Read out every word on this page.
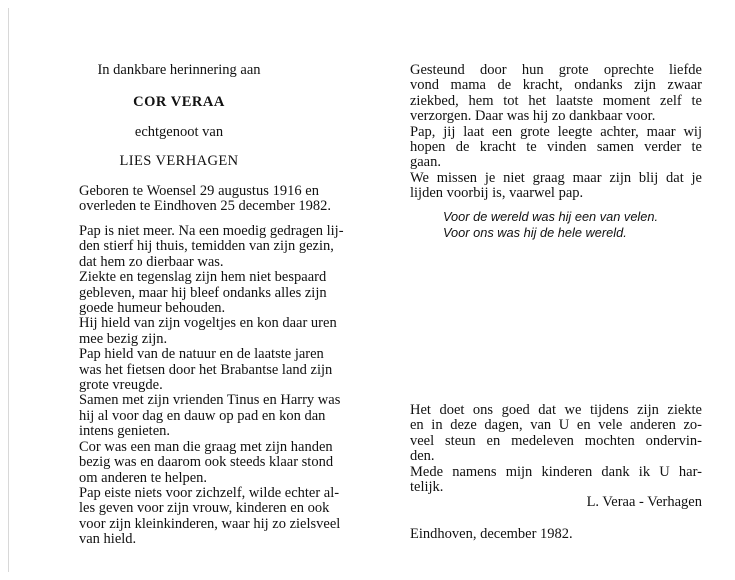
In dankbare herinnering aan
COR VERAA
echtgenoot van
LIES VERHAGEN
Geboren te Woensel 29 augustus 1916 en
overleden te Eindhoven 25 december 1982.
Pap is niet meer. Na een moedig gedragen lij-
den stierf hij thuis, temidden van zijn gezin,
dat hem zo dierbaar was.
Ziekte en tegenslag zijn hem niet bespaard
gebleven, maar hij bleef ondanks alles zijn
goede humeur behouden.
Hij hield van zijn vogeltjes en kon daar uren
mee bezig zijn.
Pap hield van de natuur en de laatste jaren
was het fietsen door het Brabantse land zijn
grote vreugde.
Samen met zijn vrienden Tinus en Harry was
hij al voor dag en dauw op pad en kon dan
intens genieten.
Cor was een man die graag met zijn handen
bezig was en daarom ook steeds klaar stond
om anderen te helpen.
Pap eiste niets voor zichzelf, wilde echter al-
les geven voor zijn vrouw, kinderen en ook
voor zijn kleinkinderen, waar hij zo zielsveel
van hield.
Gesteund door hun grote oprechte liefde
vond mama de kracht, ondanks zijn zwaar
ziekbed, hem tot het laatste moment zelf te
verzorgen. Daar was hij zo dankbaar voor.
Pap, jij laat een grote leegte achter, maar wij
hopen de kracht te vinden samen verder te
gaan.
We missen je niet graag maar zijn blij dat je
lijden voorbij is, vaarwel pap.
Voor de wereld was hij een van velen.
Voor ons was hij de hele wereld.
Het doet ons goed dat we tijdens zijn ziekte
en in deze dagen, van U en vele anderen zo-
veel steun en medeleven mochten ondervin-
den.
Mede namens mijn kinderen dank ik U har-
telijk.
L. Veraa - Verhagen
Eindhoven, december 1982.
